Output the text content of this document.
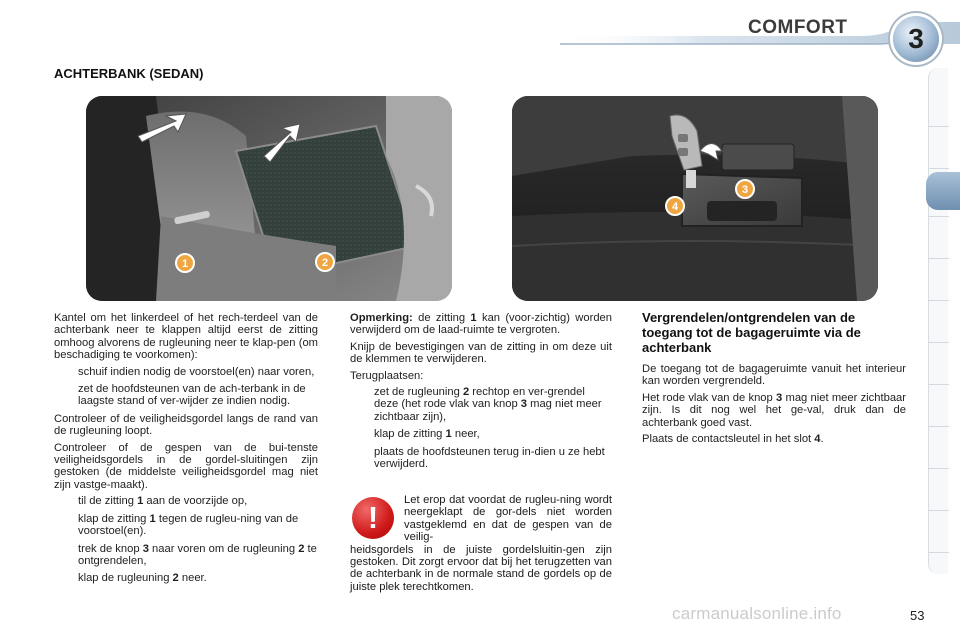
COMFORT	3
ACHTERBANK (SEDAN)
1	2
3
4

Kantel om het linkerdeel of het rech-terdeel van de achterbank neer te klappen altijd eerst de zitting omhoog alvorens de rugleuning neer te klap-pen (om beschadiging te voorkomen):

schuif indien nodig de voorstoel(en) naar voren,
zet de hoofdsteunen van de ach-terbank in de laagste stand of ver-wijder ze indien nodig.

Controleer of de veiligheidsgordel langs de rand van de rugleuning loopt.

Controleer of de gespen van de bui-tenste veiligheidsgordels in de gordel-sluitingen zijn gestoken (de middelste veiligheidsgordel mag niet zijn vastge-maakt).

til de zitting 1 aan de voorzijde op,
klap de zitting 1 tegen de rugleu-ning van de voorstoel(en).
trek de knop 3 naar voren om de rugleuning 2 te ontgrendelen,
klap de rugleuning 2 neer.

Opmerking: de zitting 1 kan (voor-zichtig) worden verwijderd om de laad-ruimte te vergroten.

Knijp de bevestigingen van de zitting in om deze uit de klemmen te verwijderen.

Terugplaatsen:

zet de rugleuning 2 rechtop en ver-grendel deze (het rode vlak van knop 3 mag niet meer zichtbaar zijn),
klap de zitting 1 neer,
plaats de hoofdsteunen terug in-dien u ze hebt verwijderd.
!	Let erop dat voordat de rugleu-ning wordt neergeklapt de gor-dels niet worden vastgeklemd en dat de gespen van de veilig-
heidsgordels in de juiste gordelsluitin-gen zijn gestoken. Dit zorgt ervoor dat bij het terugzetten van de achterbank in de normale stand de gordels op de juiste plek terechtkomen.
Vergrendelen/ontgrendelen van de toegang tot de bagageruimte via de achterbank

De toegang tot de bagageruimte vanuit het interieur kan worden vergrendeld.

Het rode vlak van de knop 3 mag niet meer zichtbaar zijn. Is dit nog wel het ge-val, druk dan de achterbank goed vast.

Plaats de contactsleutel in het slot 4.

carmanualsonline.info	53
